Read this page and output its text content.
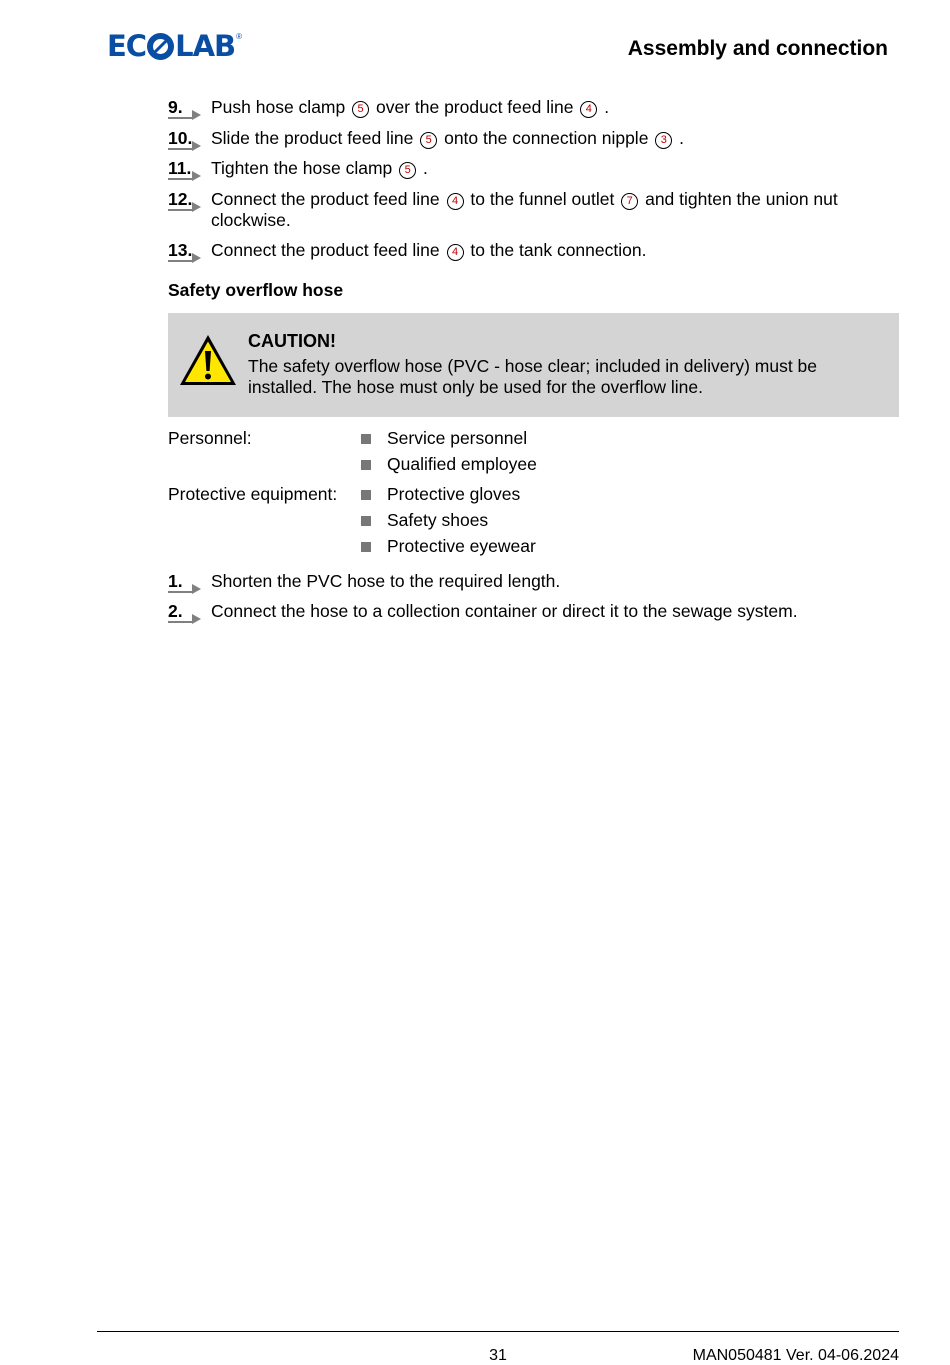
EC LAB ®
Assembly and connection
9. Push hose clamp 5 over the product feed line 4 .
10. Slide the product feed line 5 onto the connection nipple 3 .
11. Tighten the hose clamp 5 .
12. Connect the product feed line 4 to the funnel outlet 7 and tighten the union nut clockwise.
13. Connect the product feed line 4 to the tank connection.
Safety overflow hose
CAUTION!
The safety overflow hose (PVC - hose clear; included in delivery) must be installed. The hose must only be used for the overflow line.
Personnel:	Service personnel
Qualified employee
Protective equipment:	Protective gloves
Safety shoes
Protective eyewear
1. Shorten the PVC hose to the required length.
2. Connect the hose to a collection container or direct it to the sewage system.
31	MAN050481 Ver. 04-06.2024
